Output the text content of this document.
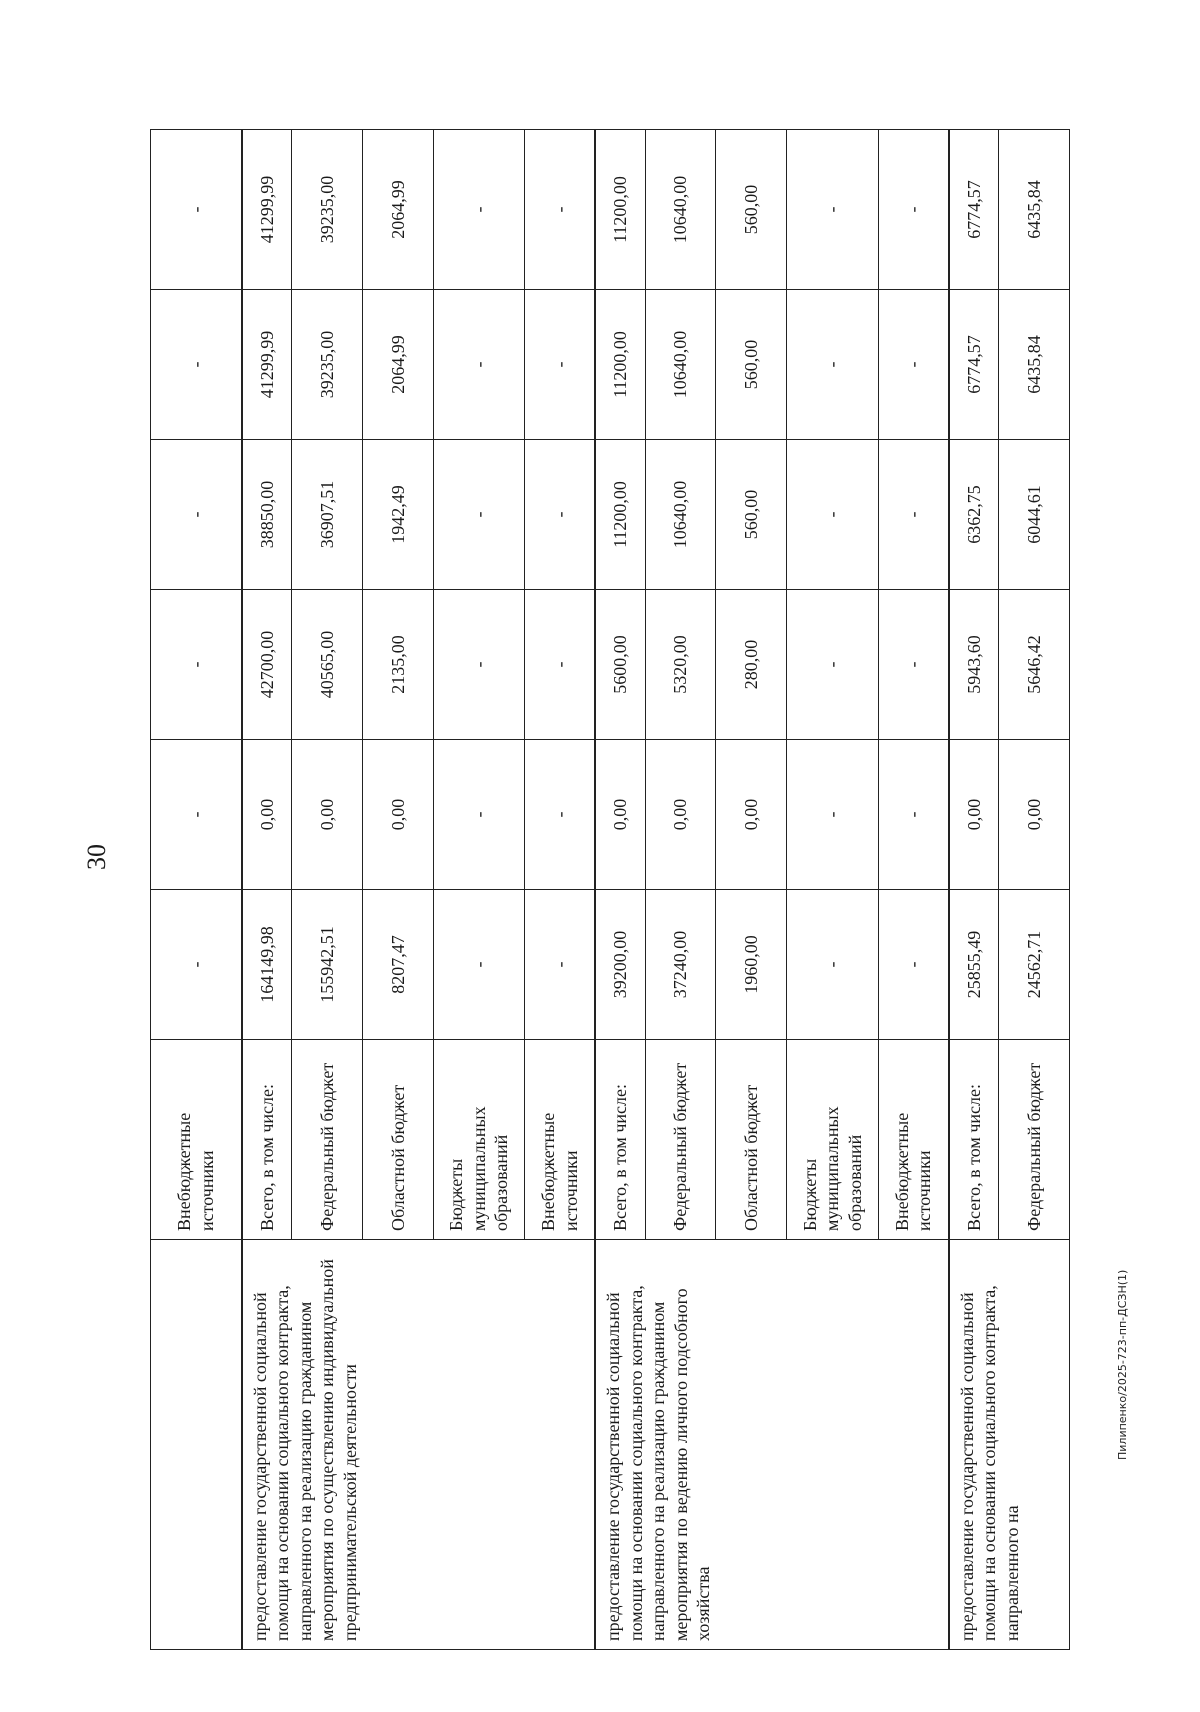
30
	Внебюджетные источники	-	-	-	-	-	-
предоставление государственной социальной помощи на основании социального контракта, направленного на реализацию гражданином мероприятия по осуществлению индивидуальной предпринимательской деятельности	Всего, в том числе:	164149,98	0,00	42700,00	38850,00	41299,99	41299,99
	Федеральный бюджет	155942,51	0,00	40565,00	36907,51	39235,00	39235,00
	Областной бюджет	8207,47	0,00	2135,00	1942,49	2064,99	2064,99
	Бюджеты муниципальных образований	-	-	-	-	-	-
	Внебюджетные источники	-	-	-	-	-	-
предоставление государственной социальной помощи на основании социального контракта, направленного на реализацию гражданином мероприятия по ведению личного подсобного хозяйства	Всего, в том числе:	39200,00	0,00	5600,00	11200,00	11200,00	11200,00
	Федеральный бюджет	37240,00	0,00	5320,00	10640,00	10640,00	10640,00
	Областной бюджет	1960,00	0,00	280,00	560,00	560,00	560,00
	Бюджеты муниципальных образований	-	-	-	-	-	-
	Внебюджетные источники	-	-	-	-	-	-
предоставление государственной социальной помощи на основании социального контракта, направленного на	Всего, в том числе:	25855,49	0,00	5943,60	6362,75	6774,57	6774,57
	Федеральный бюджет	24562,71	0,00	5646,42	6044,61	6435,84	6435,84
Пилипенко/2025-723-пп-ДСЗН(1)
